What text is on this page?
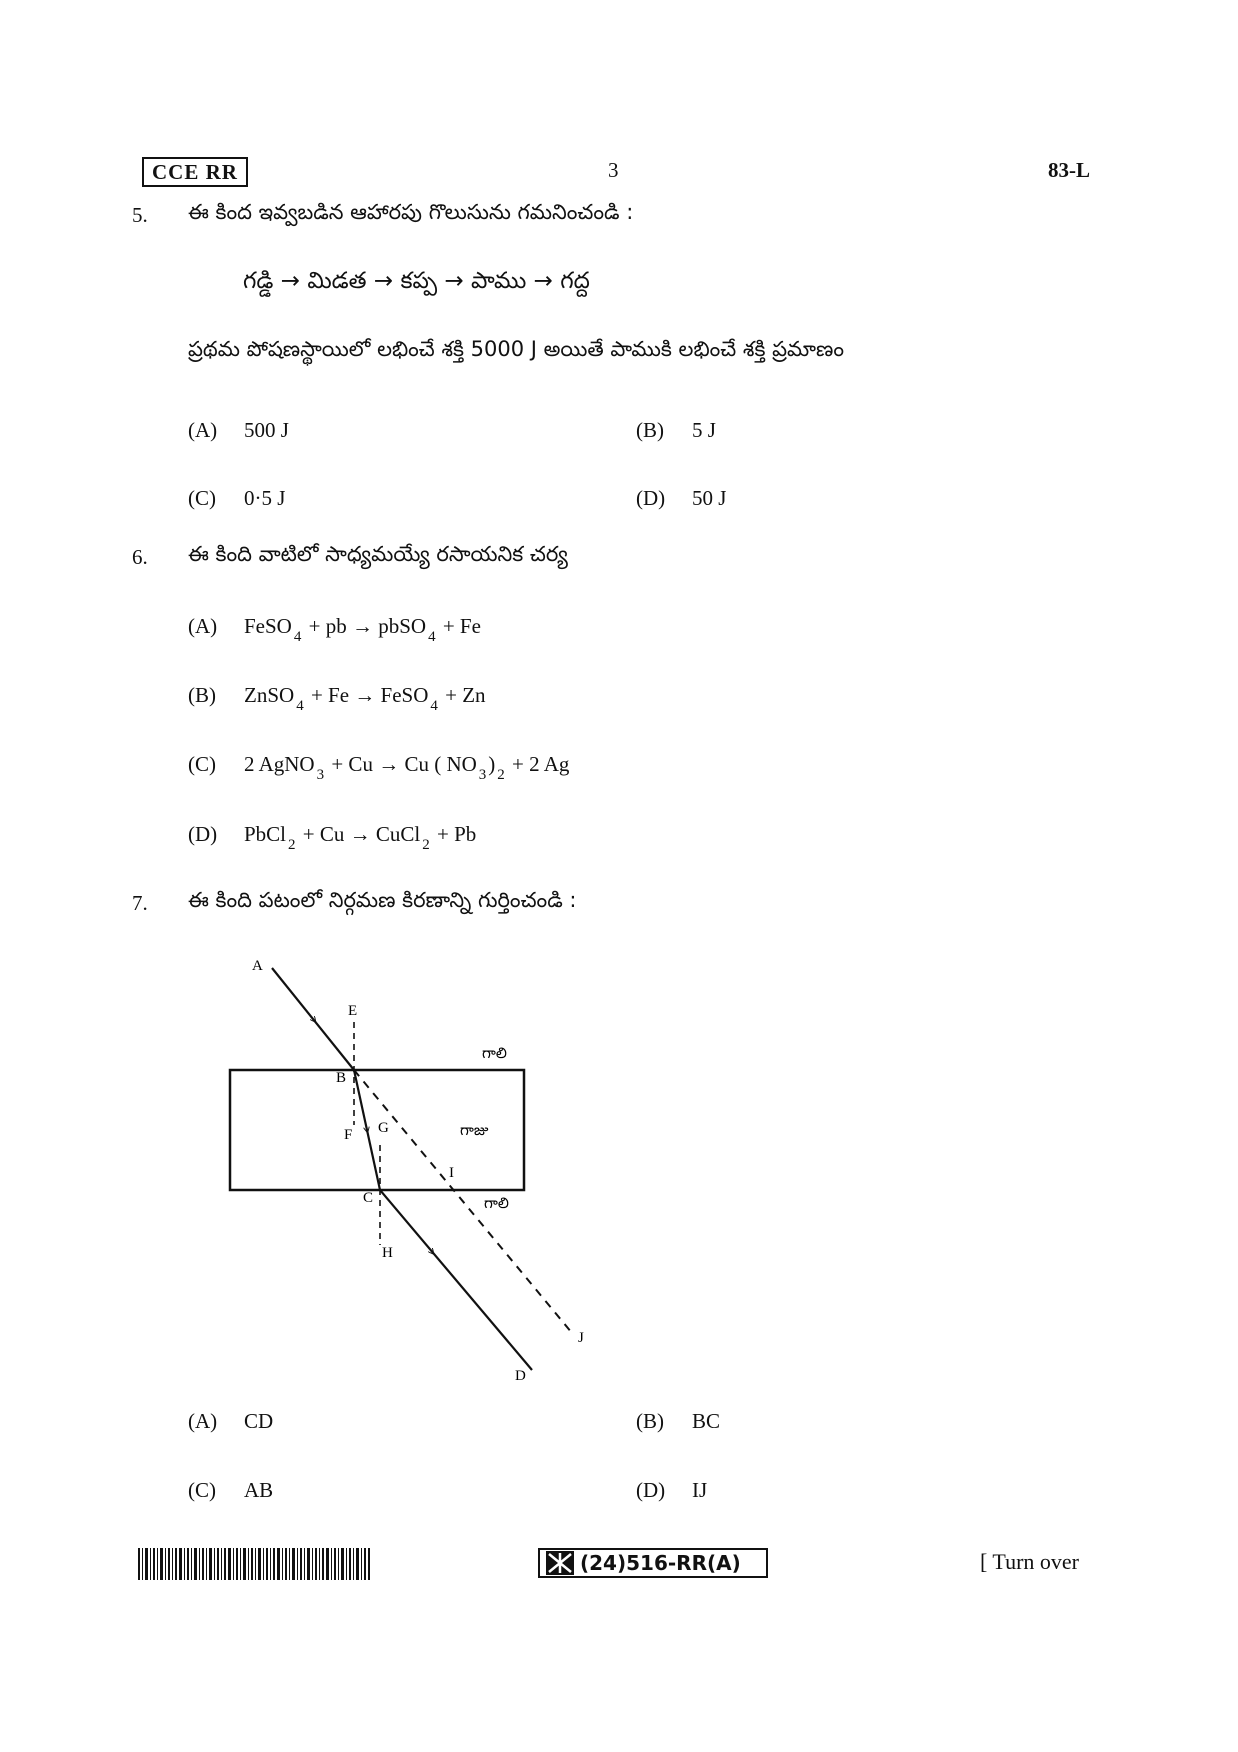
CCE RR	3	83-L
5. ఈ కింద ఇవ్వబడిన ఆహారపు గొలుసును గమనించండి :
గడ్డి → మిడత → కప్ప → పాము → గద్ద
ప్రథమ పోషణస్థాయిలో లభించే శక్తి 5000 J అయితే పాముకి లభించే శక్తి ప్రమాణం
(A) 500 J	(B) 5 J
(C) 0·5 J	(D) 50 J
6. ఈ కింది వాటిలో సాధ్యమయ్యే రసాయనిక చర్య
(A) FeSO $_4$ + pb → pbSO $_4$ + Fe
(B) ZnSO $_4$ + Fe → FeSO $_4$ + Zn
(C) 2 AgNO $_3$ + Cu → Cu ( NO $_3$) $_2$ + 2 Ag
(D) PbCl $_2$ + Cu → CuCl $_2$ + Pb
7. ఈ కింది పటంలో నిర్గమణ కిరణాన్ని గుర్తించండి :
A
E
B
F G
I
C
H
J
D
గాలి
గాజు
గాలి
(A) CD	(B) BC
(C) AB	(D) IJ
(24)516-RR(A)	[ Turn over
